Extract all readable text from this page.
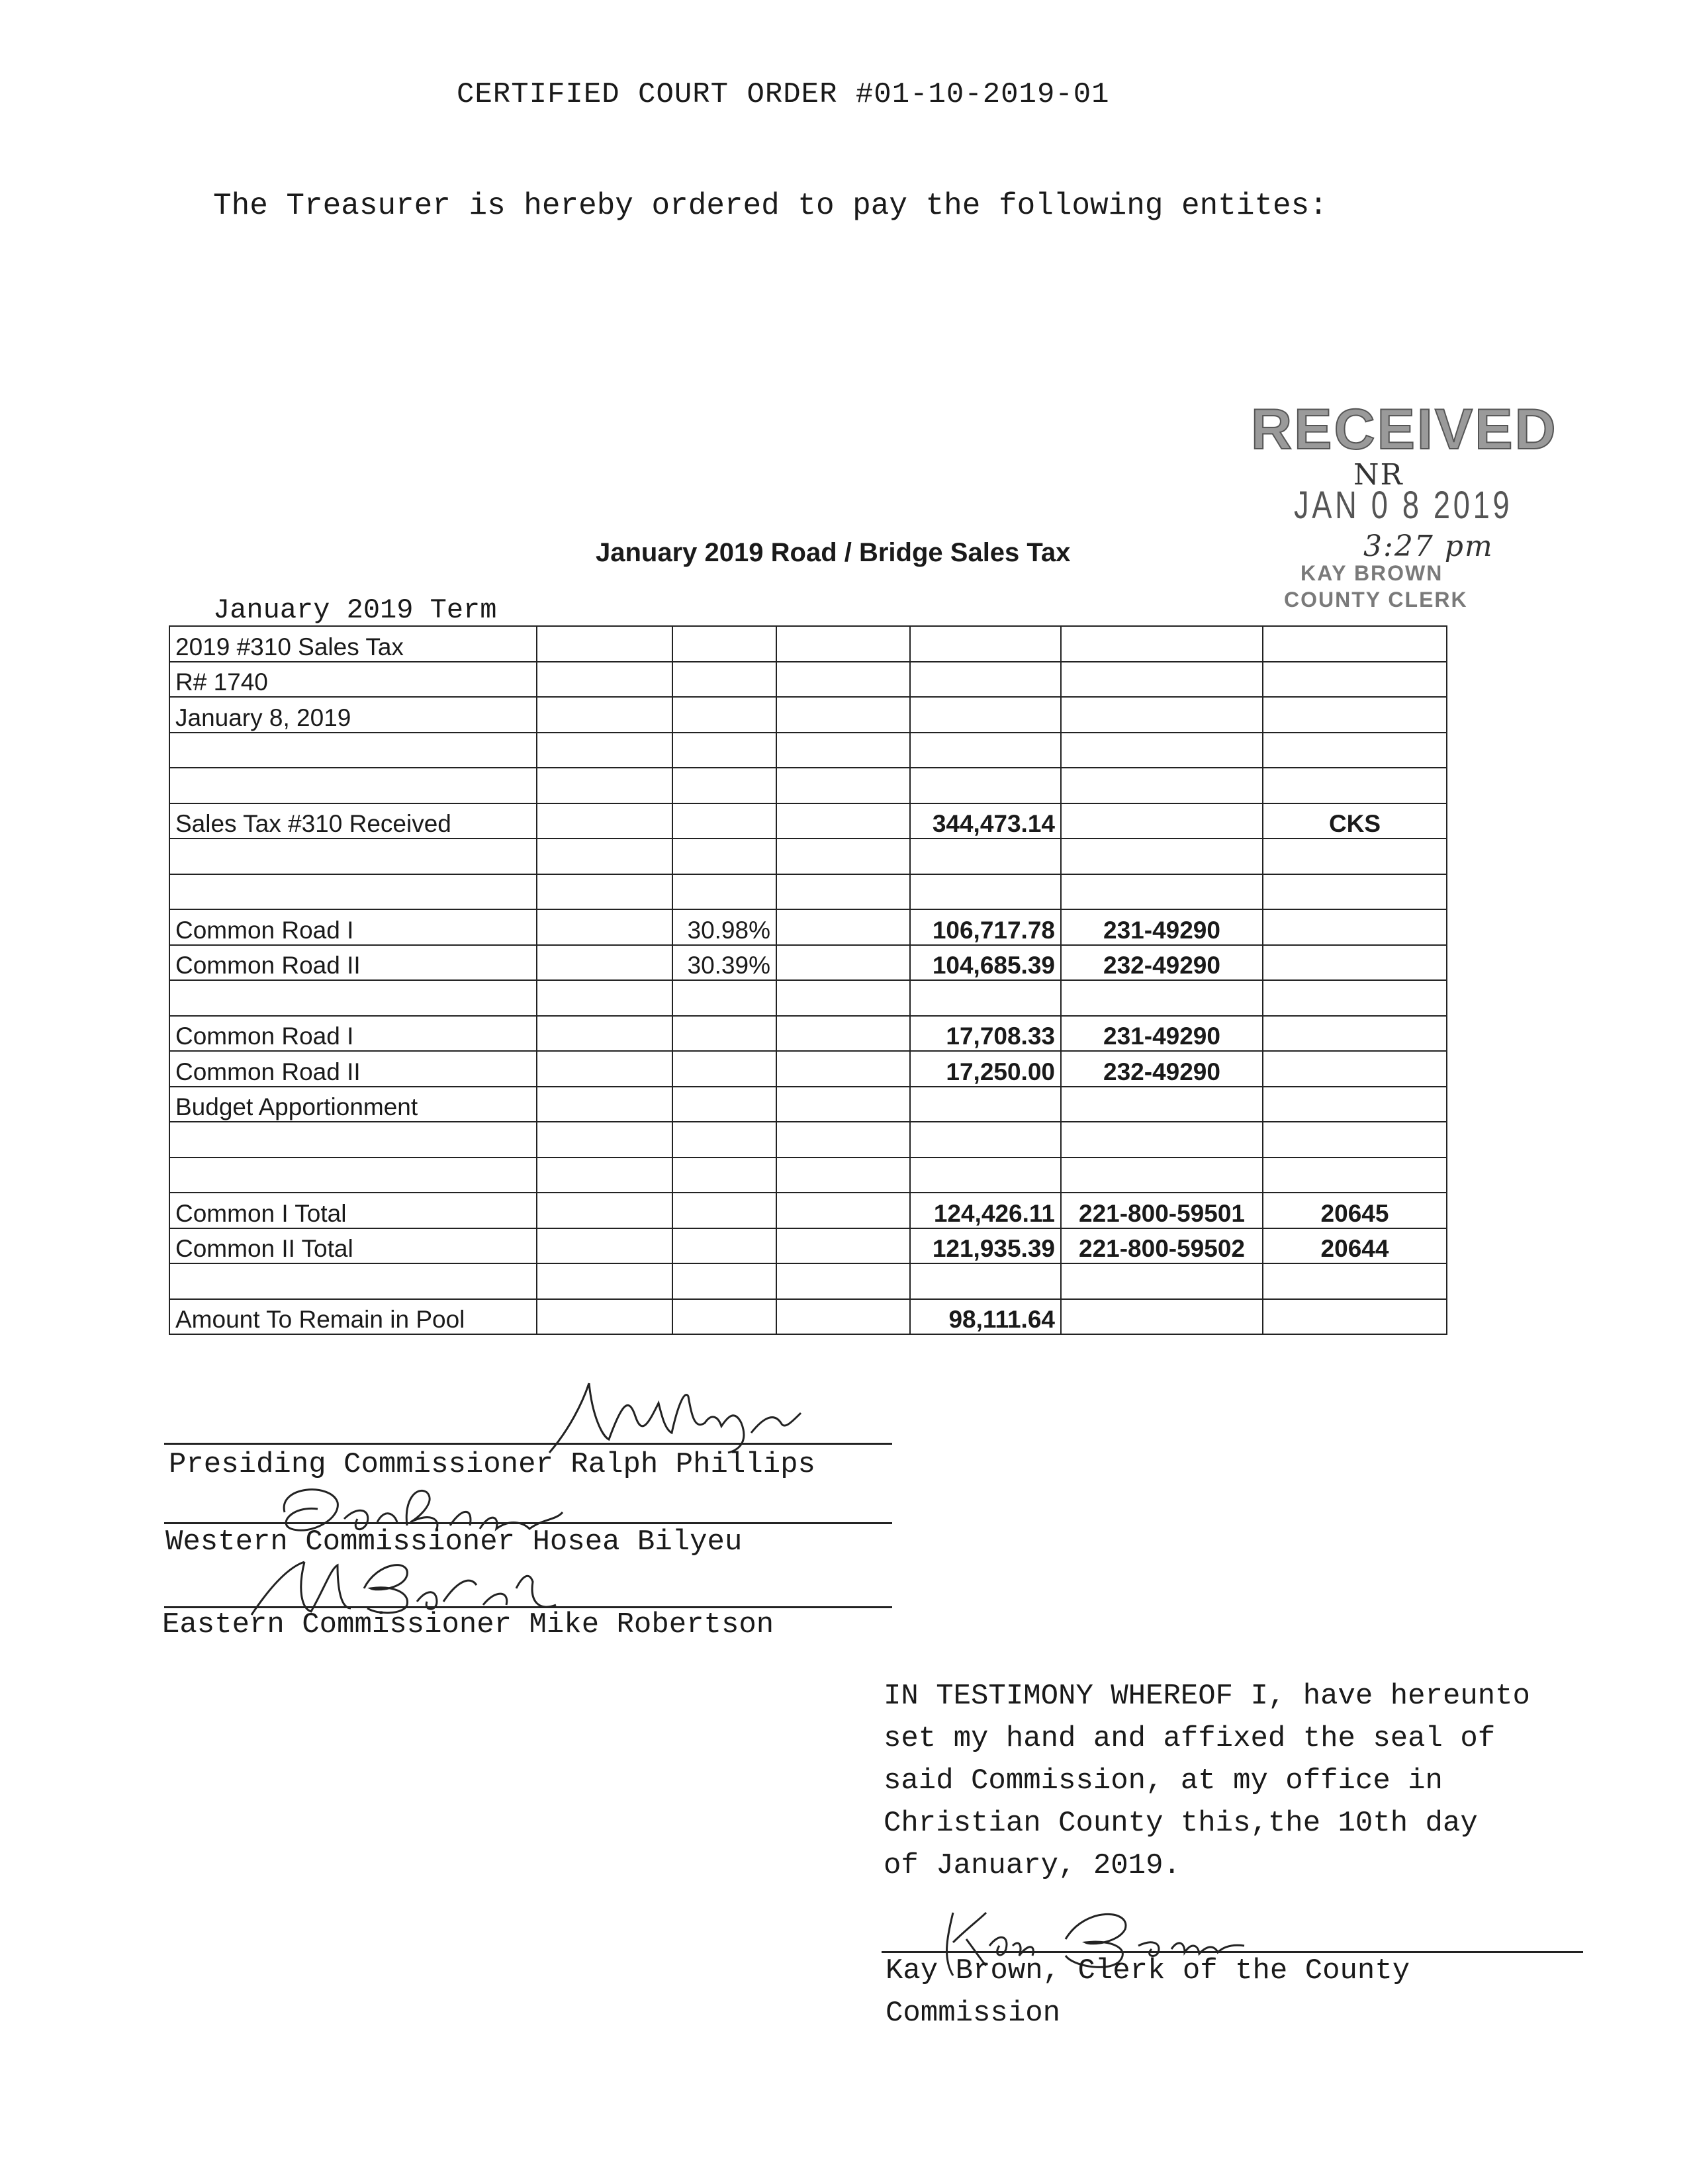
CERTIFIED COURT ORDER #01-10-2019-01
The Treasurer is hereby ordered to pay the following entites:
RECEIVED
NR
JAN 0 8 2019
3:27 pm
KAY BROWN
COUNTY CLERK
January 2019 Road / Bridge Sales Tax
January 2019 Term
2019 #310 Sales Tax						
R# 1740						
January 8, 2019						

Sales Tax #310 Received				344,473.14		CKS

Common Road I		30.98%		106,717.78	231-49290	
Common Road II		30.39%		104,685.39	232-49290	

Common Road I				17,708.33	231-49290	
Common Road II				17,250.00	232-49290	
Budget Apportionment						

Common I Total				124,426.11	221-800-59501	20645
Common II Total				121,935.39	221-800-59502	20644

Amount To Remain in Pool				98,111.64		
Presiding Commissioner Ralph Phillips
Western Commissioner Hosea Bilyeu
Eastern Commissioner Mike Robertson
IN TESTIMONY WHEREOF I, have hereunto
set my hand and affixed the seal of
said Commission, at my office in
Christian County this,the 10th day
of January, 2019.
Kay Brown, Clerk of the County
Commission
